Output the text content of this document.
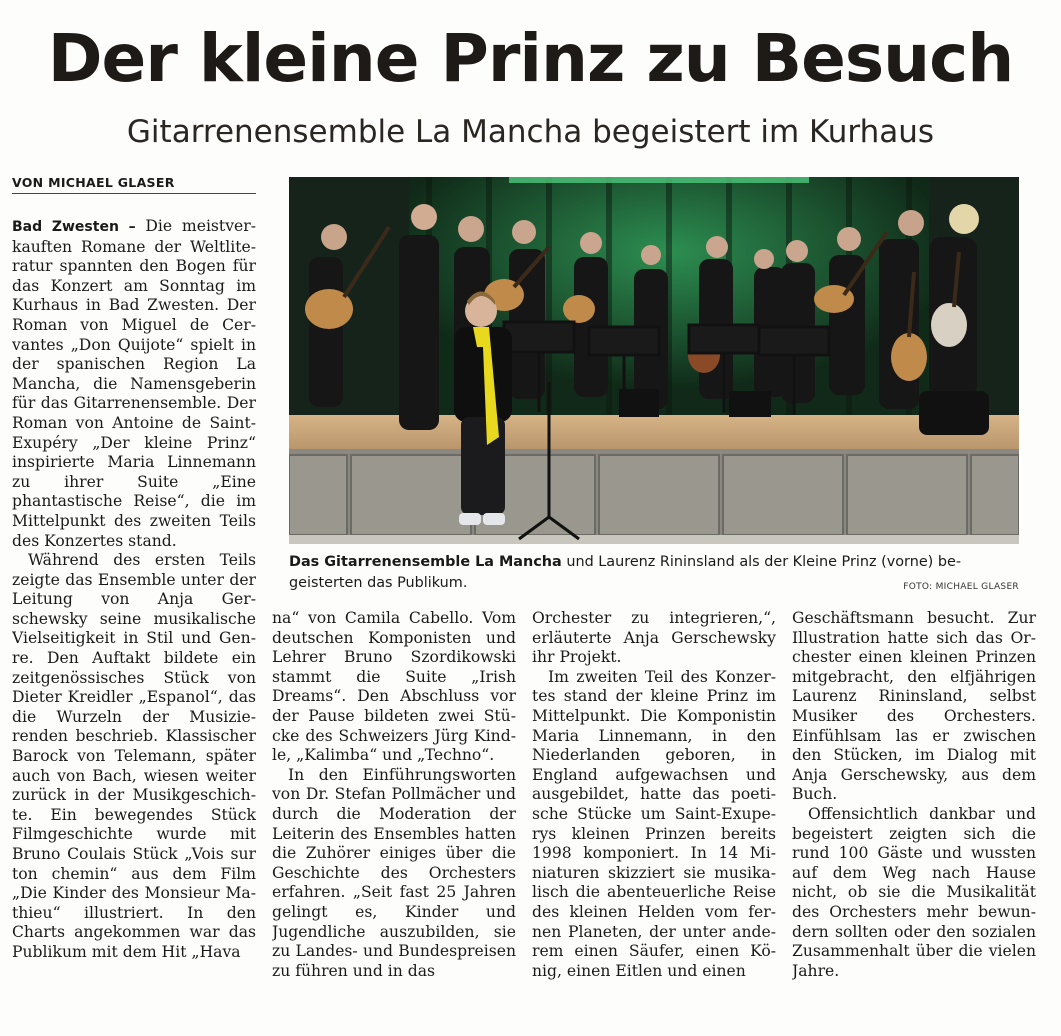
Der kleine Prinz zu Besuch
Gitarrenensemble La Mancha begeistert im Kurhaus
VON MICHAEL GLASER

Bad Zwesten – Die meistverkauften Romane der Weltliteratur spannten den Bogen für das Konzert am Sonntag im Kurhaus in Bad Zwesten. Der Roman von Miguel de Cervantes „Don Quijote“ spielt in der spanischen Region La Mancha, die Namensgeberin für das Gitarrenensemble. Der Roman von Antoine de Saint-Exupéry „Der kleine Prinz“ inspirierte Maria Linnemann zu ihrer Suite „Eine phantastische Reise“, die im Mittelpunkt des zweiten Teils des Konzertes stand.

Während des ersten Teils zeigte das Ensemble unter der Leitung von Anja Gerschewsky seine musikalische Vielseitigkeit in Stil und Genre. Den Auftakt bildete ein zeitgenössisches Stück von Dieter Kreidler „Espanol“, das die Wurzeln der Musizierenden beschrieb. Klassischer Barock von Telemann, später auch von Bach, wiesen weiter zurück in der Musikgeschichte. Ein bewegendes Stück Filmgeschichte wurde mit Bruno Coulais Stück „Vois sur ton chemin“ aus dem Film „Die Kinder des Monsieur Mathieu“ illustriert. In den Charts angekommen war das Publikum mit dem Hit „Hava

Das Gitarrenensemble La Mancha und Laurenz Rininsland als der Kleine Prinz (vorne) begeisterten das Publikum.	FOTO: MICHAEL GLASER

na“ von Camila Cabello. Vom deutschen Komponisten und Lehrer Bruno Szordikowski stammt die Suite „Irish Dreams“. Den Abschluss vor der Pause bildeten zwei Stücke des Schweizers Jürg Kindle, „Kalimba“ und „Techno“.

In den Einführungsworten von Dr. Stefan Pollmächer und durch die Moderation der Leiterin des Ensembles hatten die Zuhörer einiges über die Geschichte des Orchesters erfahren. „Seit fast 25 Jahren gelingt es, Kinder und Jugendliche auszubilden, sie zu Landes- und Bundespreisen zu führen und in das

Orchester zu integrieren,“, erläuterte Anja Gerschewsky ihr Projekt.

Im zweiten Teil des Konzertes stand der kleine Prinz im Mittelpunkt. Die Komponistin Maria Linnemann, in den Niederlanden geboren, in England aufgewachsen und ausgebildet, hatte das poetische Stücke um Saint-Exuperys kleinen Prinzen bereits 1998 komponiert. In 14 Miniaturen skizziert sie musikalisch die abenteuerliche Reise des kleinen Helden vom fernen Planeten, der unter anderem einen Säufer, einen König, einen Eitlen und einen

Geschäftsmann besucht. Zur Illustration hatte sich das Orchester einen kleinen Prinzen mitgebracht, den elfjährigen Laurenz Rininsland, selbst Musiker des Orchesters. Einfühlsam las er zwischen den Stücken, im Dialog mit Anja Gerschewsky, aus dem Buch.

Offensichtlich dankbar und begeistert zeigten sich die rund 100 Gäste und wussten auf dem Weg nach Hause nicht, ob sie die Musikalität des Orchesters mehr bewundern sollten oder den sozialen Zusammenhalt über die vielen Jahre.
